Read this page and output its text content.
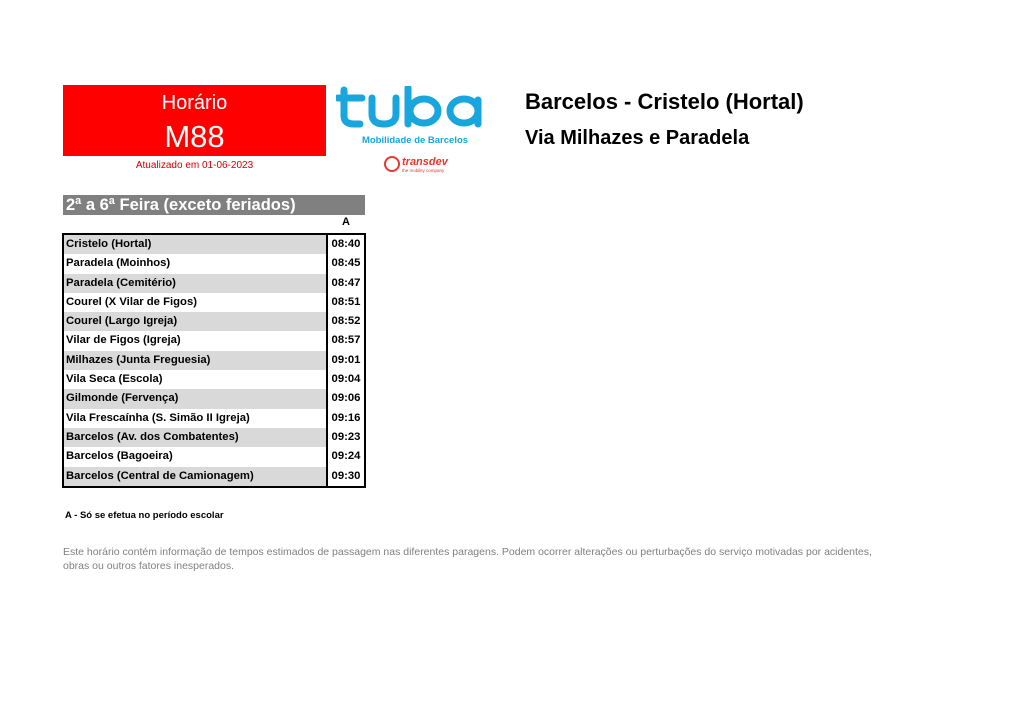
Horário
M88
Atualizado em 01-06-2023
Mobilidade de Barcelos
transdev
the mobility company
Barcelos - Cristelo (Hortal)
Via Milhazes e Paradela
2ª a 6ª Feira (exceto feriados)
A
Cristelo (Hortal)	08:40
Paradela (Moinhos)	08:45
Paradela (Cemitério)	08:47
Courel (X Vilar de Figos)	08:51
Courel (Largo Igreja)	08:52
Vilar de Figos (Igreja)	08:57
Milhazes (Junta Freguesia)	09:01
Vila Seca (Escola)	09:04
Gilmonde (Fervença)	09:06
Vila Frescaínha (S. Simão II Igreja)	09:16
Barcelos (Av. dos Combatentes)	09:23
Barcelos (Bagoeira)	09:24
Barcelos (Central de Camionagem)	09:30
A - Só se efetua no período escolar
Este horário contém informação de tempos estimados de passagem nas diferentes paragens. Podem ocorrer alterações ou perturbações do serviço motivadas por acidentes, obras ou outros fatores inesperados.
